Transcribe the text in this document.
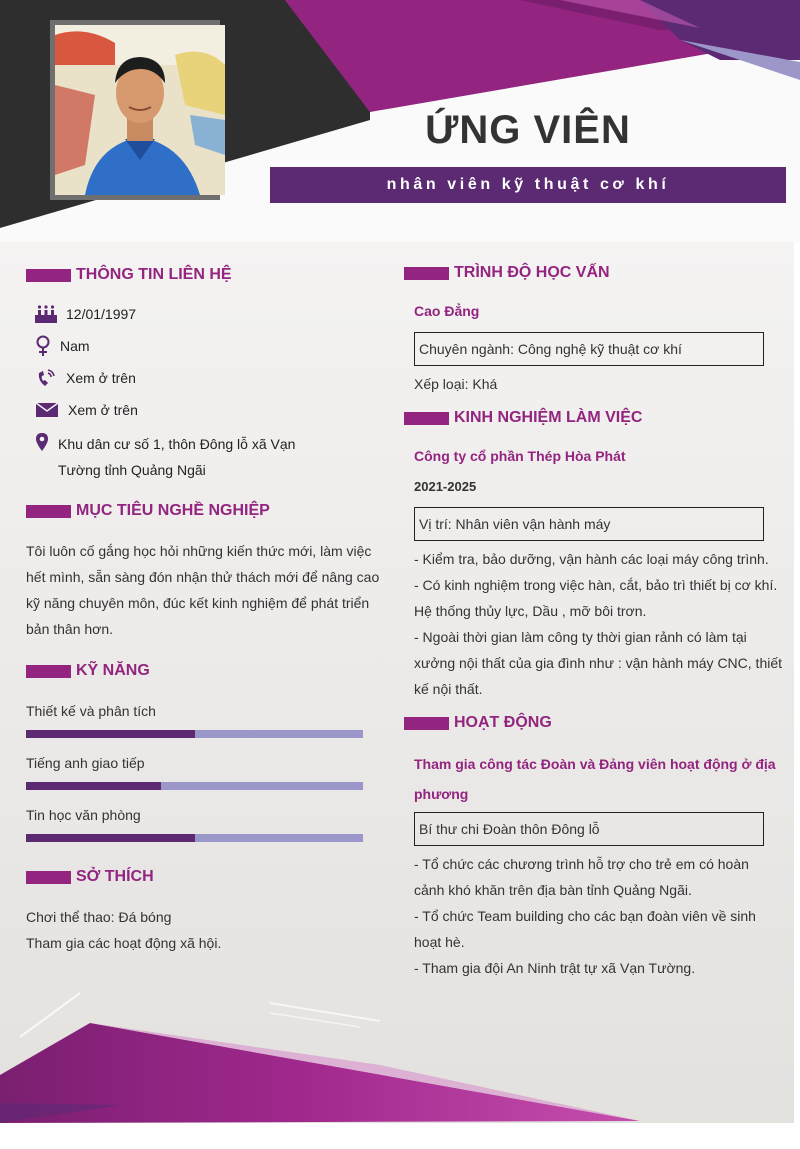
ỨNG VIÊN
nhân viên kỹ thuật cơ khí
THÔNG TIN LIÊN HỆ
12/01/1997
Nam
Xem ở trên
Xem ở trên
Khu dân cư số 1, thôn Đông lỗ xã Vạn
Tường tỉnh Quảng Ngãi
MỤC TIÊU NGHỀ NGHIỆP
Tôi luôn cố gắng học hỏi những kiến thức mới, làm việc
hết mình, sẵn sàng đón nhận thử thách mới để nâng cao
kỹ năng chuyên môn, đúc kết kinh nghiệm để phát triển
bản thân hơn.
KỸ NĂNG
Thiết kế và phân tích
Tiếng anh giao tiếp
Tin học văn phòng
SỞ THÍCH
Chơi thể thao: Đá bóng
Tham gia các hoạt động xã hội.
TRÌNH ĐỘ HỌC VẤN
Cao Đẳng
Chuyên ngành: Công nghệ kỹ thuật cơ khí
Xếp loại: Khá
KINH NGHIỆM LÀM VIỆC
Công ty cổ phần Thép Hòa Phát
2021-2025
Vị trí: Nhân viên vận hành máy
- Kiểm tra, bảo dưỡng, vận hành các loại máy công trình.
- Có kinh nghiệm trong việc hàn, cắt, bảo trì thiết bị cơ khí.
Hệ thống thủy lực, Dầu , mỡ bôi trơn.
- Ngoài thời gian làm công ty thời gian rảnh có làm tại
xưởng nội thất của gia đình như : vận hành máy CNC, thiết
kế nội thất.
HOẠT ĐỘNG
Tham gia công tác Đoàn và Đảng viên hoạt động ở địa
phương
Bí thư chi Đoàn thôn Đông lỗ
- Tổ chức các chương trình hỗ trợ cho trẻ em có hoàn
cảnh khó khăn trên địa bàn tỉnh Quảng Ngãi.
- Tổ chức Team building cho các bạn đoàn viên về sinh
hoạt hè.
- Tham gia đội An Ninh trật tự xã Vạn Tường.
